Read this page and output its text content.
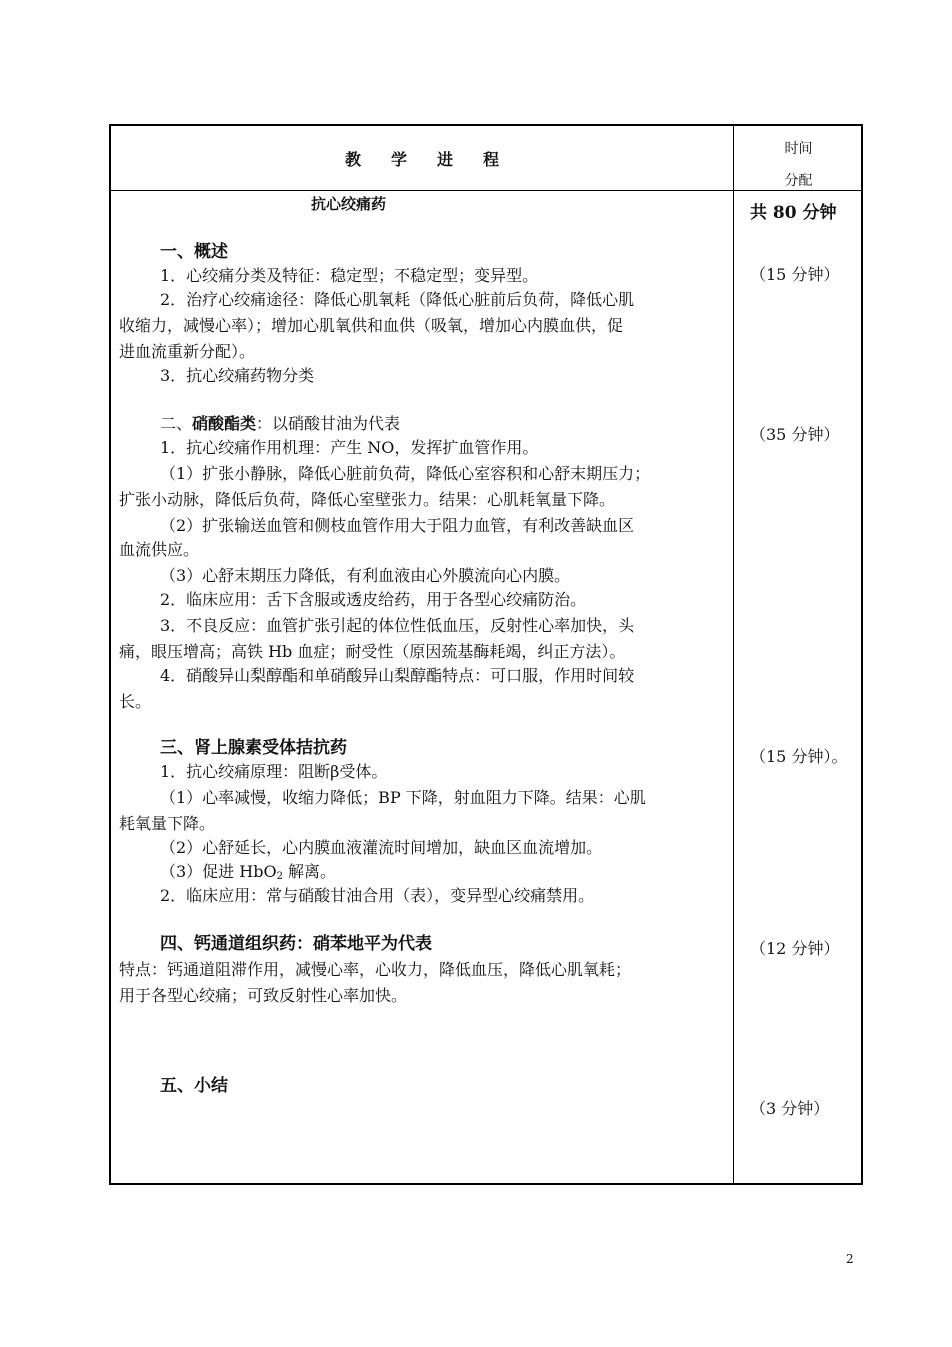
教学进程
时间
分配
抗心绞痛药	共 80 分钟
一、概述
1．心绞痛分类及特征：稳定型；不稳定型；变异型。
2．治疗心绞痛途径：降低心肌氧耗（降低心脏前后负荷，降低心肌
收缩力，减慢心率）；增加心肌氧供和血供（吸氧，增加心内膜血供，促
进血流重新分配）。
3．抗心绞痛药物分类
（15 分钟）
二、硝酸酯类：以硝酸甘油为代表
1．抗心绞痛作用机理：产生 NO，发挥扩血管作用。
（1）扩张小静脉，降低心脏前负荷，降低心室容积和心舒末期压力；
扩张小动脉，降低后负荷，降低心室壁张力。结果：心肌耗氧量下降。
（2）扩张输送血管和侧枝血管作用大于阻力血管，有利改善缺血区
血流供应。
（3）心舒末期压力降低，有利血液由心外膜流向心内膜。
2．临床应用：舌下含服或透皮给药，用于各型心绞痛防治。
3．不良反应：血管扩张引起的体位性低血压，反射性心率加快，头
痛，眼压增高；高铁 Hb 血症；耐受性（原因巯基酶耗竭，纠正方法）。
4．硝酸异山梨醇酯和单硝酸异山梨醇酯特点：可口服，作用时间较
长。
（35 分钟）
三、肾上腺素受体拮抗药
1．抗心绞痛原理：阻断β受体。
（1）心率减慢，收缩力降低；BP 下降，射血阻力下降。结果：心肌
耗氧量下降。
（2）心舒延长，心内膜血液灌流时间增加，缺血区血流增加。
（3）促进 HbO$_2$ 解离。
2．临床应用：常与硝酸甘油合用（表），变异型心绞痛禁用。
（15 分钟）。
四、钙通道组织药：硝苯地平为代表
特点：钙通道阻滞作用，减慢心率，心收力，降低血压，降低心肌氧耗；
用于各型心绞痛；可致反射性心率加快。
（12 分钟）
五、小结
（3 分钟）
2
